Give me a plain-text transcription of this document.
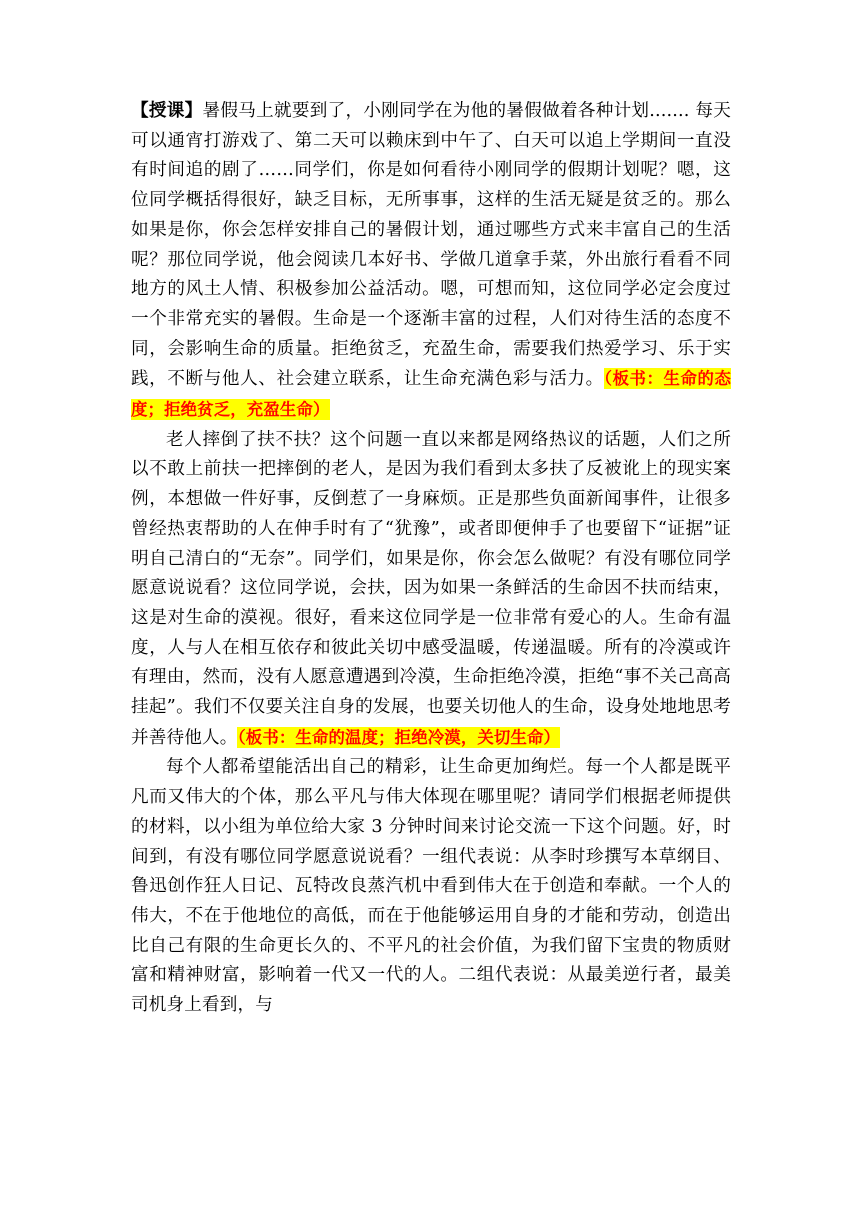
【授课】暑假马上就要到了，小刚同学在为他的暑假做着各种计划....... 每天可以通宵打游戏了、第二天可以赖床到中午了、白天可以追上学期间一直没有时间追的剧了……同学们，你是如何看待小刚同学的假期计划呢？嗯，这位同学概括得很好，缺乏目标，无所事事，这样的生活无疑是贫乏的。那么如果是你，你会怎样安排自己的暑假计划，通过哪些方式来丰富自己的生活呢？那位同学说，他会阅读几本好书、学做几道拿手菜，外出旅行看看不同地方的风土人情、积极参加公益活动。嗯，可想而知，这位同学必定会度过一个非常充实的暑假。生命是一个逐渐丰富的过程，人们对待生活的态度不同，会影响生命的质量。拒绝贫乏，充盈生命，需要我们热爱学习、乐于实践，不断与他人、社会建立联系，让生命充满色彩与活力。（板书：生命的态度；拒绝贫乏，充盈生命）

老人摔倒了扶不扶？这个问题一直以来都是网络热议的话题，人们之所以不敢上前扶一把摔倒的老人，是因为我们看到太多扶了反被讹上的现实案例，本想做一件好事，反倒惹了一身麻烦。正是那些负面新闻事件，让很多曾经热衷帮助的人在伸手时有了“犹豫”，或者即便伸手了也要留下“证据”证明自己清白的“无奈”。同学们，如果是你，你会怎么做呢？有没有哪位同学愿意说说看？这位同学说，会扶，因为如果一条鲜活的生命因不扶而结束，这是对生命的漠视。很好，看来这位同学是一位非常有爱心的人。生命有温度，人与人在相互依存和彼此关切中感受温暖，传递温暖。所有的冷漠或许有理由，然而，没有人愿意遭遇到冷漠，生命拒绝冷漠，拒绝“事不关己高高挂起”。我们不仅要关注自身的发展，也要关切他人的生命，设身处地地思考并善待他人。（板书：生命的温度；拒绝冷漠，关切生命）

每个人都希望能活出自己的精彩，让生命更加绚烂。每一个人都是既平凡而又伟大的个体，那么平凡与伟大体现在哪里呢？请同学们根据老师提供的材料，以小组为单位给大家 3 分钟时间来讨论交流一下这个问题。好，时间到，有没有哪位同学愿意说说看？一组代表说：从李时珍撰写本草纲目、鲁迅创作狂人日记、瓦特改良蒸汽机中看到伟大在于创造和奉献。一个人的伟大，不在于他地位的高低，而在于他能够运用自身的才能和劳动，创造出比自己有限的生命更长久的、不平凡的社会价值，为我们留下宝贵的物质财富和精神财富，影响着一代又一代的人。二组代表说：从最美逆行者，最美司机身上看到，与
